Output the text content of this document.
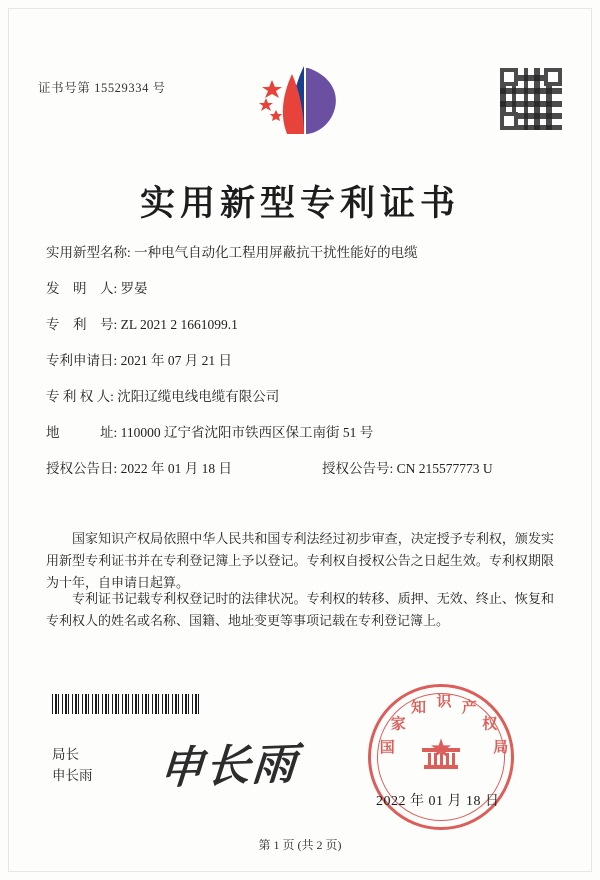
证书号第 15529334 号
实用新型专利证书
实用新型名称: 一种电气自动化工程用屏蔽抗干扰性能好的电缆
发　明　人: 罗晏
专　利　号: ZL 2021 2 1661099.1
专利申请日: 2021 年 07 月 21 日
专 利 权 人: 沈阳辽缆电线电缆有限公司
地　　　址: 110000 辽宁省沈阳市铁西区保工南街 51 号
授权公告日: 2022 年 01 月 18 日	授权公告号: CN 215577773 U
国家知识产权局依照中华人民共和国专利法经过初步审查，决定授予专利权，颁发实用新型专利证书并在专利登记簿上予以登记。专利权自授权公告之日起生效。专利权期限为十年，自申请日起算。
专利证书记载专利权登记时的法律状况。专利权的转移、质押、无效、终止、恢复和专利权人的姓名或名称、国籍、地址变更等事项记载在专利登记簿上。
局长
申长雨 申长雨	国
家
知 识 产
权
局
2022 年 01 月 18 日
第 1 页 (共 2 页)
